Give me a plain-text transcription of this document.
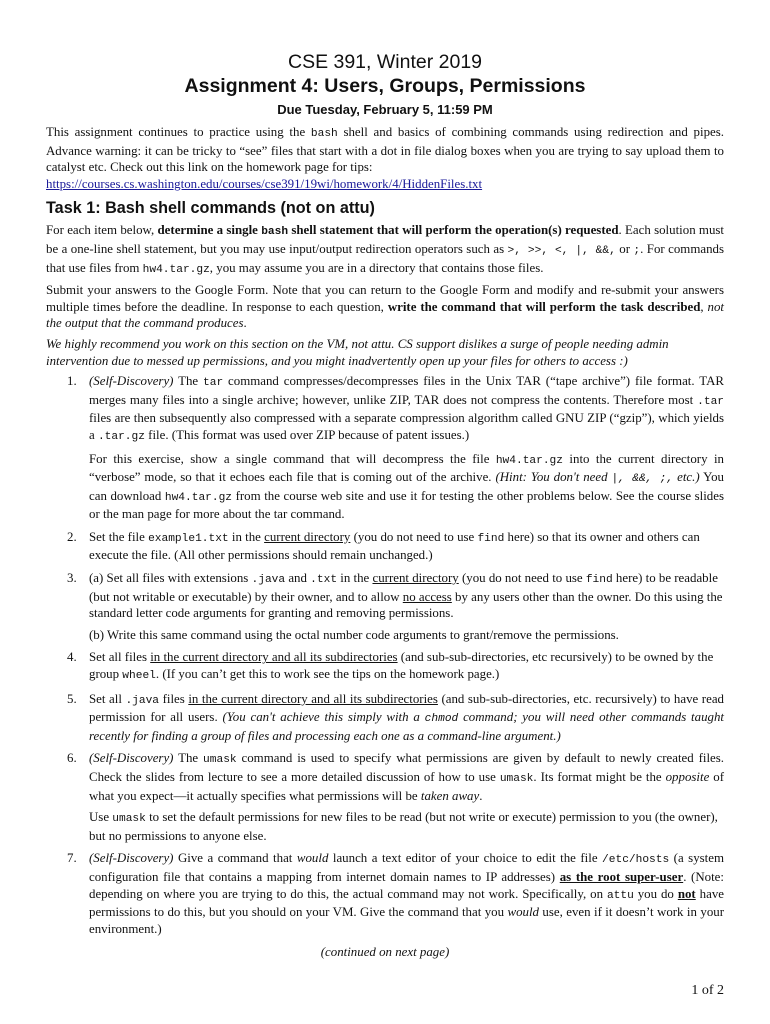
CSE 391, Winter 2019
Assignment 4: Users, Groups, Permissions
Due Tuesday, February 5, 11:59 PM

This assignment continues to practice using the bash shell and basics of combining commands using redirection and pipes. Advance warning: it can be tricky to “see” files that start with a dot in file dialog boxes when you are trying to say upload them to catalyst etc. Check out this link on the homework page for tips:
https://courses.cs.washington.edu/courses/cse391/19wi/homework/4/HiddenFiles.txt

Task 1: Bash shell commands (not on attu)

For each item below, determine a single bash shell statement that will perform the operation(s) requested. Each solution must be a one-line shell statement, but you may use input/output redirection operators such as >, >>, <, |, &&, or ;. For commands that use files from hw4.tar.gz, you may assume you are in a directory that contains those files.

Submit your answers to the Google Form. Note that you can return to the Google Form and modify and re-submit your answers multiple times before the deadline. In response to each question, write the command that will perform the task described, not the output that the command produces.

We highly recommend you work on this section on the VM, not attu. CS support dislikes a surge of people needing admin intervention due to messed up permissions, and you might inadvertently open up your files for others to access :)

1. (Self-Discovery) The tar command compresses/decompresses files in the Unix TAR (“tape archive”) file format. TAR merges many files into a single archive; however, unlike ZIP, TAR does not compress the contents. Therefore most .tar files are then subsequently also compressed with a separate compression algorithm called GNU ZIP (“gzip”), which yields a .tar.gz file. (This format was used over ZIP because of patent issues.)
For this exercise, show a single command that will decompress the file hw4.tar.gz into the current directory in “verbose” mode, so that it echoes each file that is coming out of the archive. (Hint: You don't need |, &&, ;, etc.) You can download hw4.tar.gz from the course web site and use it for testing the other problems below. See the course slides or the man page for more about the tar command.
2. Set the file example1.txt in the current directory (you do not need to use find here) so that its owner and others can execute the file. (All other permissions should remain unchanged.)
3. (a) Set all files with extensions .java and .txt in the current directory (you do not need to use find here) to be readable (but not writable or executable) by their owner, and to allow no access by any users other than the owner. Do this using the standard letter code arguments for granting and removing permissions.
(b) Write this same command using the octal number code arguments to grant/remove the permissions.
4. Set all files in the current directory and all its subdirectories (and sub-sub-directories, etc recursively) to be owned by the group wheel. (If you can’t get this to work see the tips on the homework page.)
5. Set all .java files in the current directory and all its subdirectories (and sub-sub-directories, etc. recursively) to have read permission for all users. (You can't achieve this simply with a chmod command; you will need other commands taught recently for finding a group of files and processing each one as a command-line argument.)
6. (Self-Discovery) The umask command is used to specify what permissions are given by default to newly created files. Check the slides from lecture to see a more detailed discussion of how to use umask. Its format might be the opposite of what you expect—it actually specifies what permissions will be taken away.
Use umask to set the default permissions for new files to be read (but not write or execute) permission to you (the owner), but no permissions to anyone else.
7. (Self-Discovery) Give a command that would launch a text editor of your choice to edit the file /etc/hosts (a system configuration file that contains a mapping from internet domain names to IP addresses) as the root super-user. (Note: depending on where you are trying to do this, the actual command may not work. Specifically, on attu you do not have permissions to do this, but you should on your VM. Give the command that you would use, even if it doesn’t work in your environment.)
(continued on next page)
1 of 2
